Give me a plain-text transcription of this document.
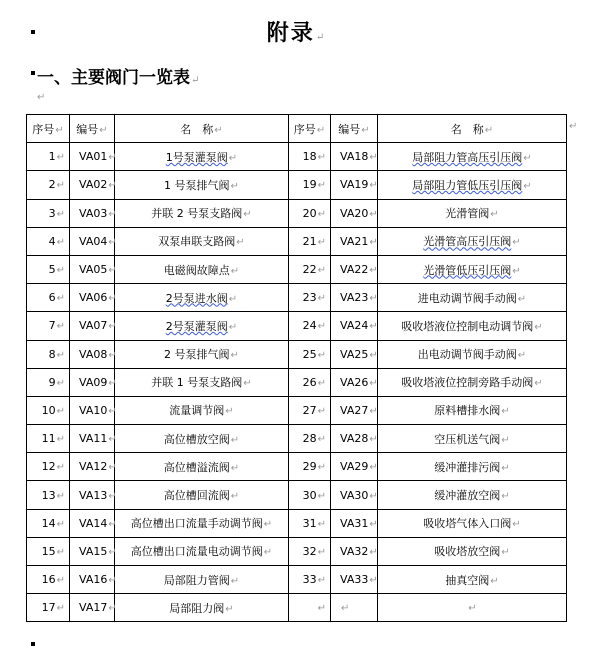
附录↵
一、主要阀门一览表↵
↵
序号↵	编号↵	名　称↵	序号↵	编号↵	名　称↵
1↵	VA01↵	1号泵灌泵阀↵	18↵	VA18↵	局部阻力管高压引压阀↵
2↵	VA02↵	1 号泵排气阀↵	19↵	VA19↵	局部阻力管低压引压阀↵
3↵	VA03↵	并联 2 号泵支路阀↵	20↵	VA20↵	光滑管阀↵
4↵	VA04↵	双泵串联支路阀↵	21↵	VA21↵	光滑管高压引压阀↵
5↵	VA05↵	电磁阀故障点↵	22↵	VA22↵	光滑管低压引压阀↵
6↵	VA06↵	2号泵进水阀↵	23↵	VA23↵	进电动调节阀手动阀↵
7↵	VA07↵	2号泵灌泵阀↵	24↵	VA24↵	吸收塔液位控制电动调节阀↵
8↵	VA08↵	2 号泵排气阀↵	25↵	VA25↵	出电动调节阀手动阀↵
9↵	VA09↵	并联 1 号泵支路阀↵	26↵	VA26↵	吸收塔液位控制旁路手动阀↵
10↵	VA10↵	流量调节阀↵	27↵	VA27↵	原料槽排水阀↵
11↵	VA11↵	高位槽放空阀↵	28↵	VA28↵	空压机送气阀↵
12↵	VA12↵	高位槽溢流阀↵	29↵	VA29↵	缓冲灌排污阀↵
13↵	VA13↵	高位槽回流阀↵	30↵	VA30↵	缓冲灌放空阀↵
14↵	VA14↵	高位槽出口流量手动调节阀↵	31↵	VA31↵	吸收塔气体入口阀↵
15↵	VA15↵	高位槽出口流量电动调节阀↵	32↵	VA32↵	吸收塔放空阀↵
16↵	VA16↵	局部阻力管阀↵	33↵	VA33↵	抽真空阀↵
17↵	VA17↵	局部阻力阀↵	↵	↵	↵
↵
